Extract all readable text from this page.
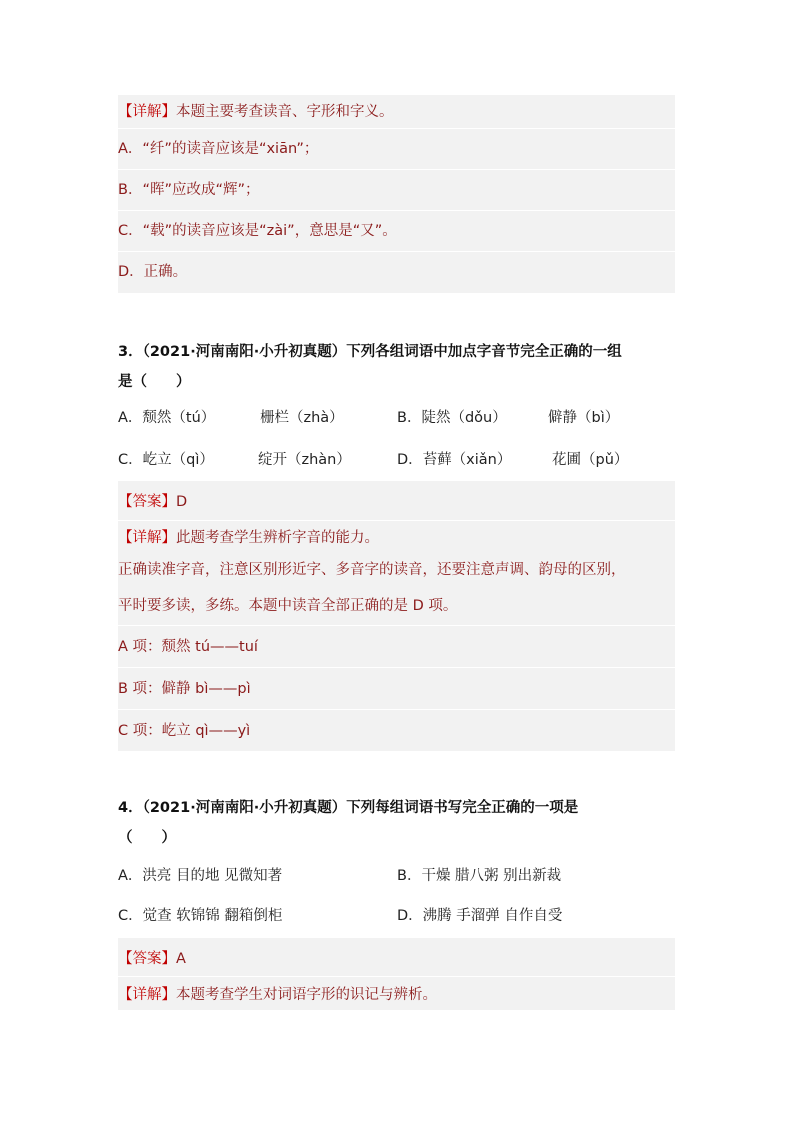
【详解】本题主要考查读音、字形和字义。
A．“纤”的读音应该是“xiān”；
B．“晖”应改成“辉”；
C．“载”的读音应该是“zài”，意思是“又”。
D．正确。
3．（2021·河南南阳·小升初真题）下列各组词语中加点字音节完全正确的一组
是（　　）
A．颓然（tú）	栅栏（zhà）	B．陡然（dǒu）	僻静（bì）
C．屹立（qì）	绽开（zhàn）	D．苔藓（xiǎn）	花圃（pǔ）
【答案】D
【详解】此题考查学生辨析字音的能力。
正确读准字音，注意区别形近字、多音字的读音，还要注意声调、韵母的区别，
平时要多读，多练。本题中读音全部正确的是 D 项。
A 项：颓然 tú——tuí
B 项：僻静 bì——pì
C 项：屹立 qì——yì
4．（2021·河南南阳·小升初真题）下列每组词语书写完全正确的一项是
（　　）
A．洪亮 目的地 见微知著	B．干燥 腊八粥 别出新裁
C．觉查 软锦锦 翻箱倒柜	D．沸腾 手溜弹 自作自受
【答案】A
【详解】本题考查学生对词语字形的识记与辨析。
